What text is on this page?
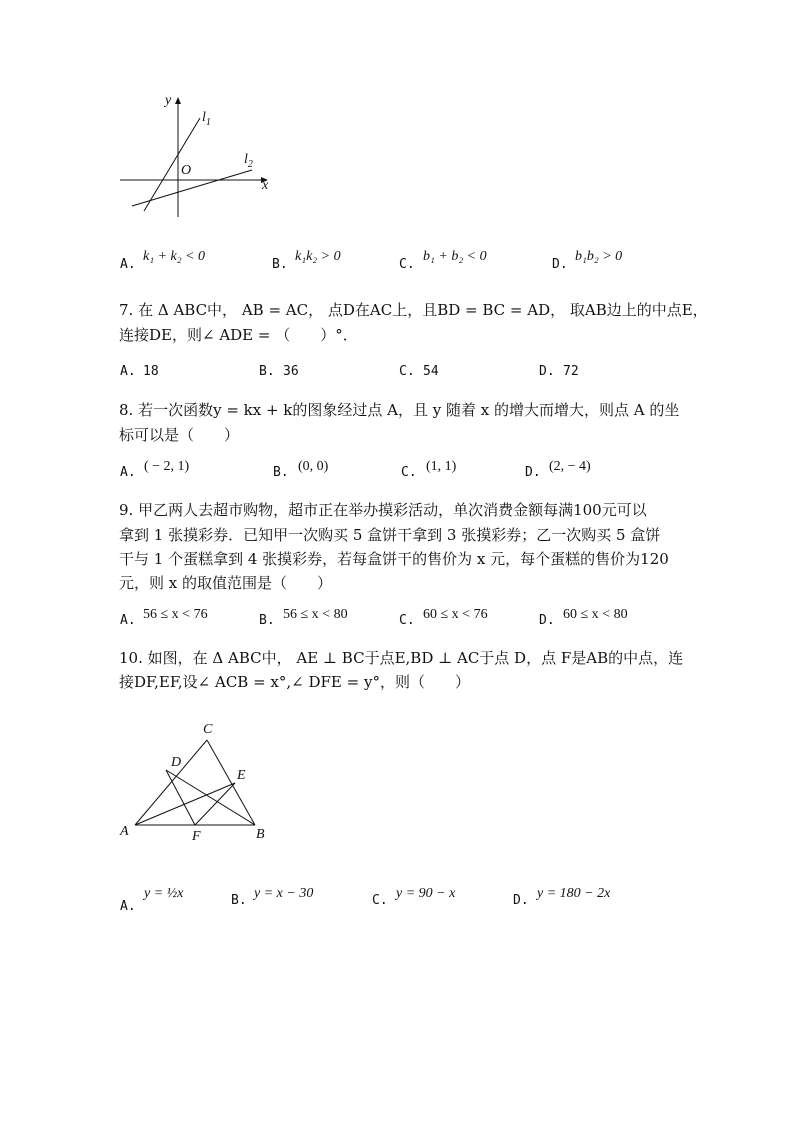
y
x
O
$l_1$
$l_2$
A.
k₁ + k₂ < 0
B.
k₁k₂ > 0
C.
b₁ + b₂ < 0
D.
b₁b₂ > 0
7. 在 Δ ABC中， AB = AC， 点D在AC上，且BD = BC = AD， 取AB边上的中点E，
连接DE，则∠ ADE = （　　）°．
A. 18	B. 36	C. 54	D. 72
8. 若一次函数y = kx + k的图象经过点 A，且 y 随着 x 的增大而增大，则点 A 的坐
标可以是（　　）
A. ( − 2, 1)	B. (0, 0)	C. (1, 1)	D. (2, − 4)
9. 甲乙两人去超市购物，超市正在举办摸彩活动，单次消费金额每满100元可以
拿到 1 张摸彩券．已知甲一次购买 5 盒饼干拿到 3 张摸彩券；乙一次购买 5 盒饼
干与 1 个蛋糕拿到 4 张摸彩券，若每盒饼干的售价为 x 元，每个蛋糕的售价为120
元，则 x 的取值范围是（　　）
A. 56 ≤ x < 76	B. 56 ≤ x < 80	C. 60 ≤ x < 76	D. 60 ≤ x < 80
10. 如图，在 Δ ABC中， AE ⊥ BC于点E,BD ⊥ AC于点 D，点 F是AB的中点，连
接DF,EF,设∠ ACB = x°,∠ DFE = y°，则（　　）
A	B
C
D
E
F
A.
y = ½x	B. y = x − 30	C. y = 90 − x	D. y = 180 − 2x
